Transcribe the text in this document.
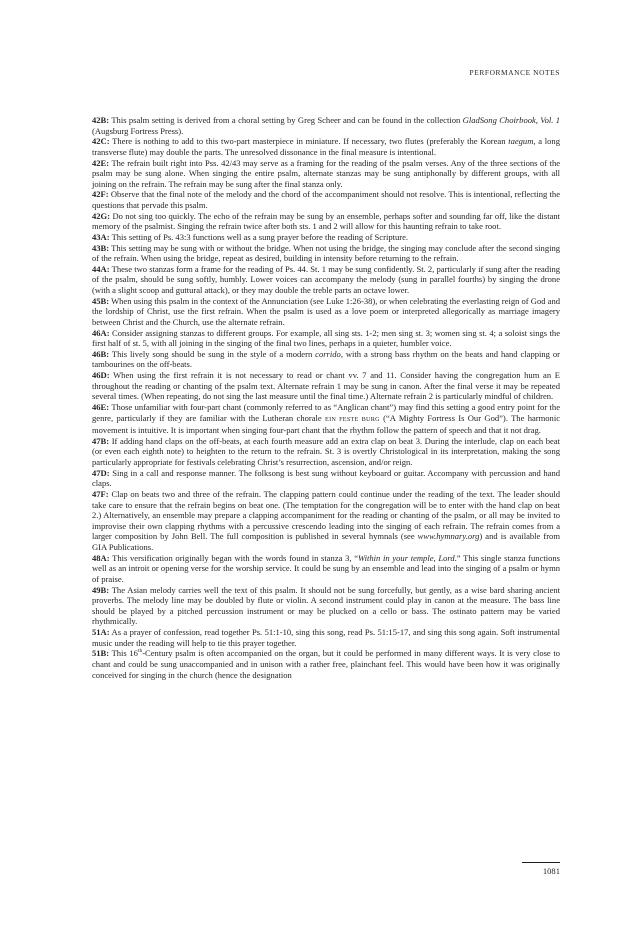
PERFORMANCE NOTES

42B: This psalm setting is derived from a choral setting by Greg Scheer and can be found in the collection GladSong Choirbook, Vol. 1 (Augsburg Fortress Press).

42C: There is nothing to add to this two-part masterpiece in miniature. If necessary, two flutes (preferably the Korean taegum, a long transverse flute) may double the parts. The unresolved dissonance in the final measure is intentional.

42E: The refrain built right into Pss. 42/43 may serve as a framing for the reading of the psalm verses. Any of the three sections of the psalm may be sung alone. When singing the entire psalm, alternate stanzas may be sung antiphonally by different groups, with all joining on the refrain. The refrain may be sung after the final stanza only.

42F: Observe that the final note of the melody and the chord of the accompaniment should not resolve. This is intentional, reflecting the questions that pervade this psalm.

42G: Do not sing too quickly. The echo of the refrain may be sung by an ensemble, perhaps softer and sounding far off, like the distant memory of the psalmist. Singing the refrain twice after both sts. 1 and 2 will allow for this haunting refrain to take root.

43A: This setting of Ps. 43:3 functions well as a sung prayer before the reading of Scripture.

43B: This setting may be sung with or without the bridge. When not using the bridge, the singing may conclude after the second singing of the refrain. When using the bridge, repeat as desired, building in intensity before returning to the refrain.

44A: These two stanzas form a frame for the reading of Ps. 44. St. 1 may be sung confidently. St. 2, particularly if sung after the reading of the psalm, should be sung softly, humbly. Lower voices can accompany the melody (sung in parallel fourths) by singing the drone (with a slight scoop and guttural attack), or they may double the treble parts an octave lower.

45B: When using this psalm in the context of the Annunciation (see Luke 1:26-38), or when celebrating the everlasting reign of God and the lordship of Christ, use the first refrain. When the psalm is used as a love poem or interpreted allegorically as marriage imagery between Christ and the Church, use the alternate refrain.

46A: Consider assigning stanzas to different groups. For example, all sing sts. 1-2; men sing st. 3; women sing st. 4; a soloist sings the first half of st. 5, with all joining in the singing of the final two lines, perhaps in a quieter, humbler voice.

46B: This lively song should be sung in the style of a modern corrido, with a strong bass rhythm on the beats and hand clapping or tambourines on the off-beats.

46D: When using the first refrain it is not necessary to read or chant vv. 7 and 11. Consider having the congregation hum an E throughout the reading or chanting of the psalm text. Alternate refrain 1 may be sung in canon. After the final verse it may be repeated several times. (When repeating, do not sing the last measure until the final time.) Alternate refrain 2 is particularly mindful of children.

46E: Those unfamiliar with four-part chant (commonly referred to as “Anglican chant”) may find this setting a good entry point for the genre, particularly if they are familiar with the Lutheran chorale EIN FESTE BURG (“A Mighty Fortress Is Our God”). The harmonic movement is intuitive. It is important when singing four-part chant that the rhythm follow the pattern of speech and that it not drag.

47B: If adding hand claps on the off-beats, at each fourth measure add an extra clap on beat 3. During the interlude, clap on each beat (or even each eighth note) to heighten to the return to the refrain. St. 3 is overtly Christological in its interpretation, making the song particularly appropriate for festivals celebrating Christ’s resurrection, ascension, and/or reign.

47D: Sing in a call and response manner. The folksong is best sung without keyboard or guitar. Accompany with percussion and hand claps.

47F: Clap on beats two and three of the refrain. The clapping pattern could continue under the reading of the text. The leader should take care to ensure that the refrain begins on beat one. (The temptation for the congregation will be to enter with the hand clap on beat 2.) Alternatively, an ensemble may prepare a clapping accompaniment for the reading or chanting of the psalm, or all may be invited to improvise their own clapping rhythms with a percussive crescendo leading into the singing of each refrain. The refrain comes from a larger composition by John Bell. The full composition is published in several hymnals (see www.hymnary.org) and is available from GIA Publications.

48A: This versification originally began with the words found in stanza 3, “Within in your temple, Lord.” This single stanza functions well as an introit or opening verse for the worship service. It could be sung by an ensemble and lead into the singing of a psalm or hymn of praise.

49B: The Asian melody carries well the text of this psalm. It should not be sung forcefully, but gently, as a wise bard sharing ancient proverbs. The melody line may be doubled by flute or violin. A second instrument could play in canon at the measure. The bass line should be played by a pitched percussion instrument or may be plucked on a cello or bass. The ostinato pattern may be varied rhythmically.

51A: As a prayer of confession, read together Ps. 51:1-10, sing this song, read Ps. 51:15-17, and sing this song again. Soft instrumental music under the reading will help to tie this prayer together.

51B: This 16th-Century psalm is often accompanied on the organ, but it could be performed in many different ways. It is very close to chant and could be sung unaccompanied and in unison with a rather free, plainchant feel. This would have been how it was originally conceived for singing in the church (hence the designation

1081
